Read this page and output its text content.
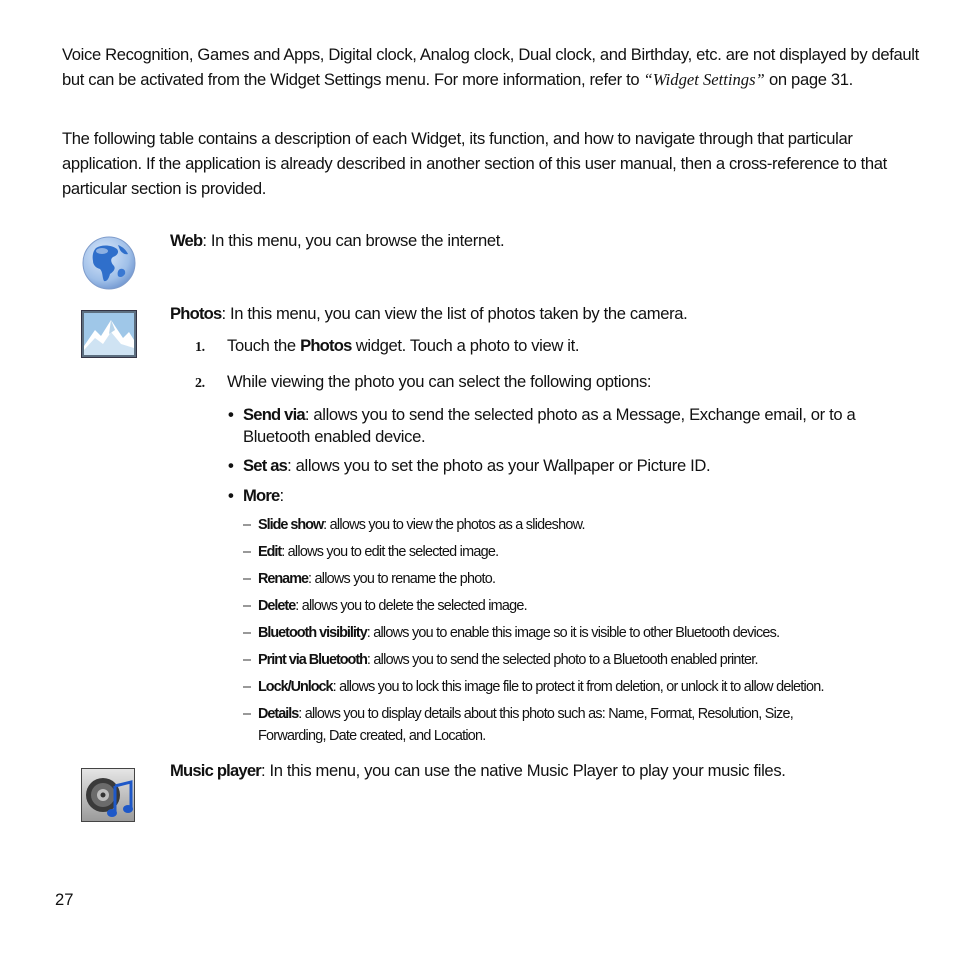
Voice Recognition, Games and Apps, Digital clock, Analog clock, Dual clock, and Birthday, etc. are not displayed by default but can be activated from the Widget Settings menu. For more information, refer to “Widget Settings” on page 31.
The following table contains a description of each Widget, its function, and how to navigate through that particular application. If the application is already described in another section of this user manual, then a cross-reference to that particular section is provided.
Web: In this menu, you can browse the internet.
Photos: In this menu, you can view the list of photos taken by the camera.
1. Touch the Photos widget. Touch a photo to view it.
2. While viewing the photo you can select the following options:
• Send via: allows you to send the selected photo as a Message, Exchange email, or to a Bluetooth enabled device.
• Set as: allows you to set the photo as your Wallpaper or Picture ID.
• More:
– Slide show: allows you to view the photos as a slideshow.
– Edit: allows you to edit the selected image.
– Rename: allows you to rename the photo.
– Delete: allows you to delete the selected image.
– Bluetooth visibility: allows you to enable this image so it is visible to other Bluetooth devices.
– Print via Bluetooth: allows you to send the selected photo to a Bluetooth enabled printer.
– Lock/Unlock: allows you to lock this image file to protect it from deletion, or unlock it to allow deletion.
– Details: allows you to display details about this photo such as: Name, Format, Resolution, Size, Forwarding, Date created, and Location.
Music player: In this menu, you can use the native Music Player to play your music files.
27
